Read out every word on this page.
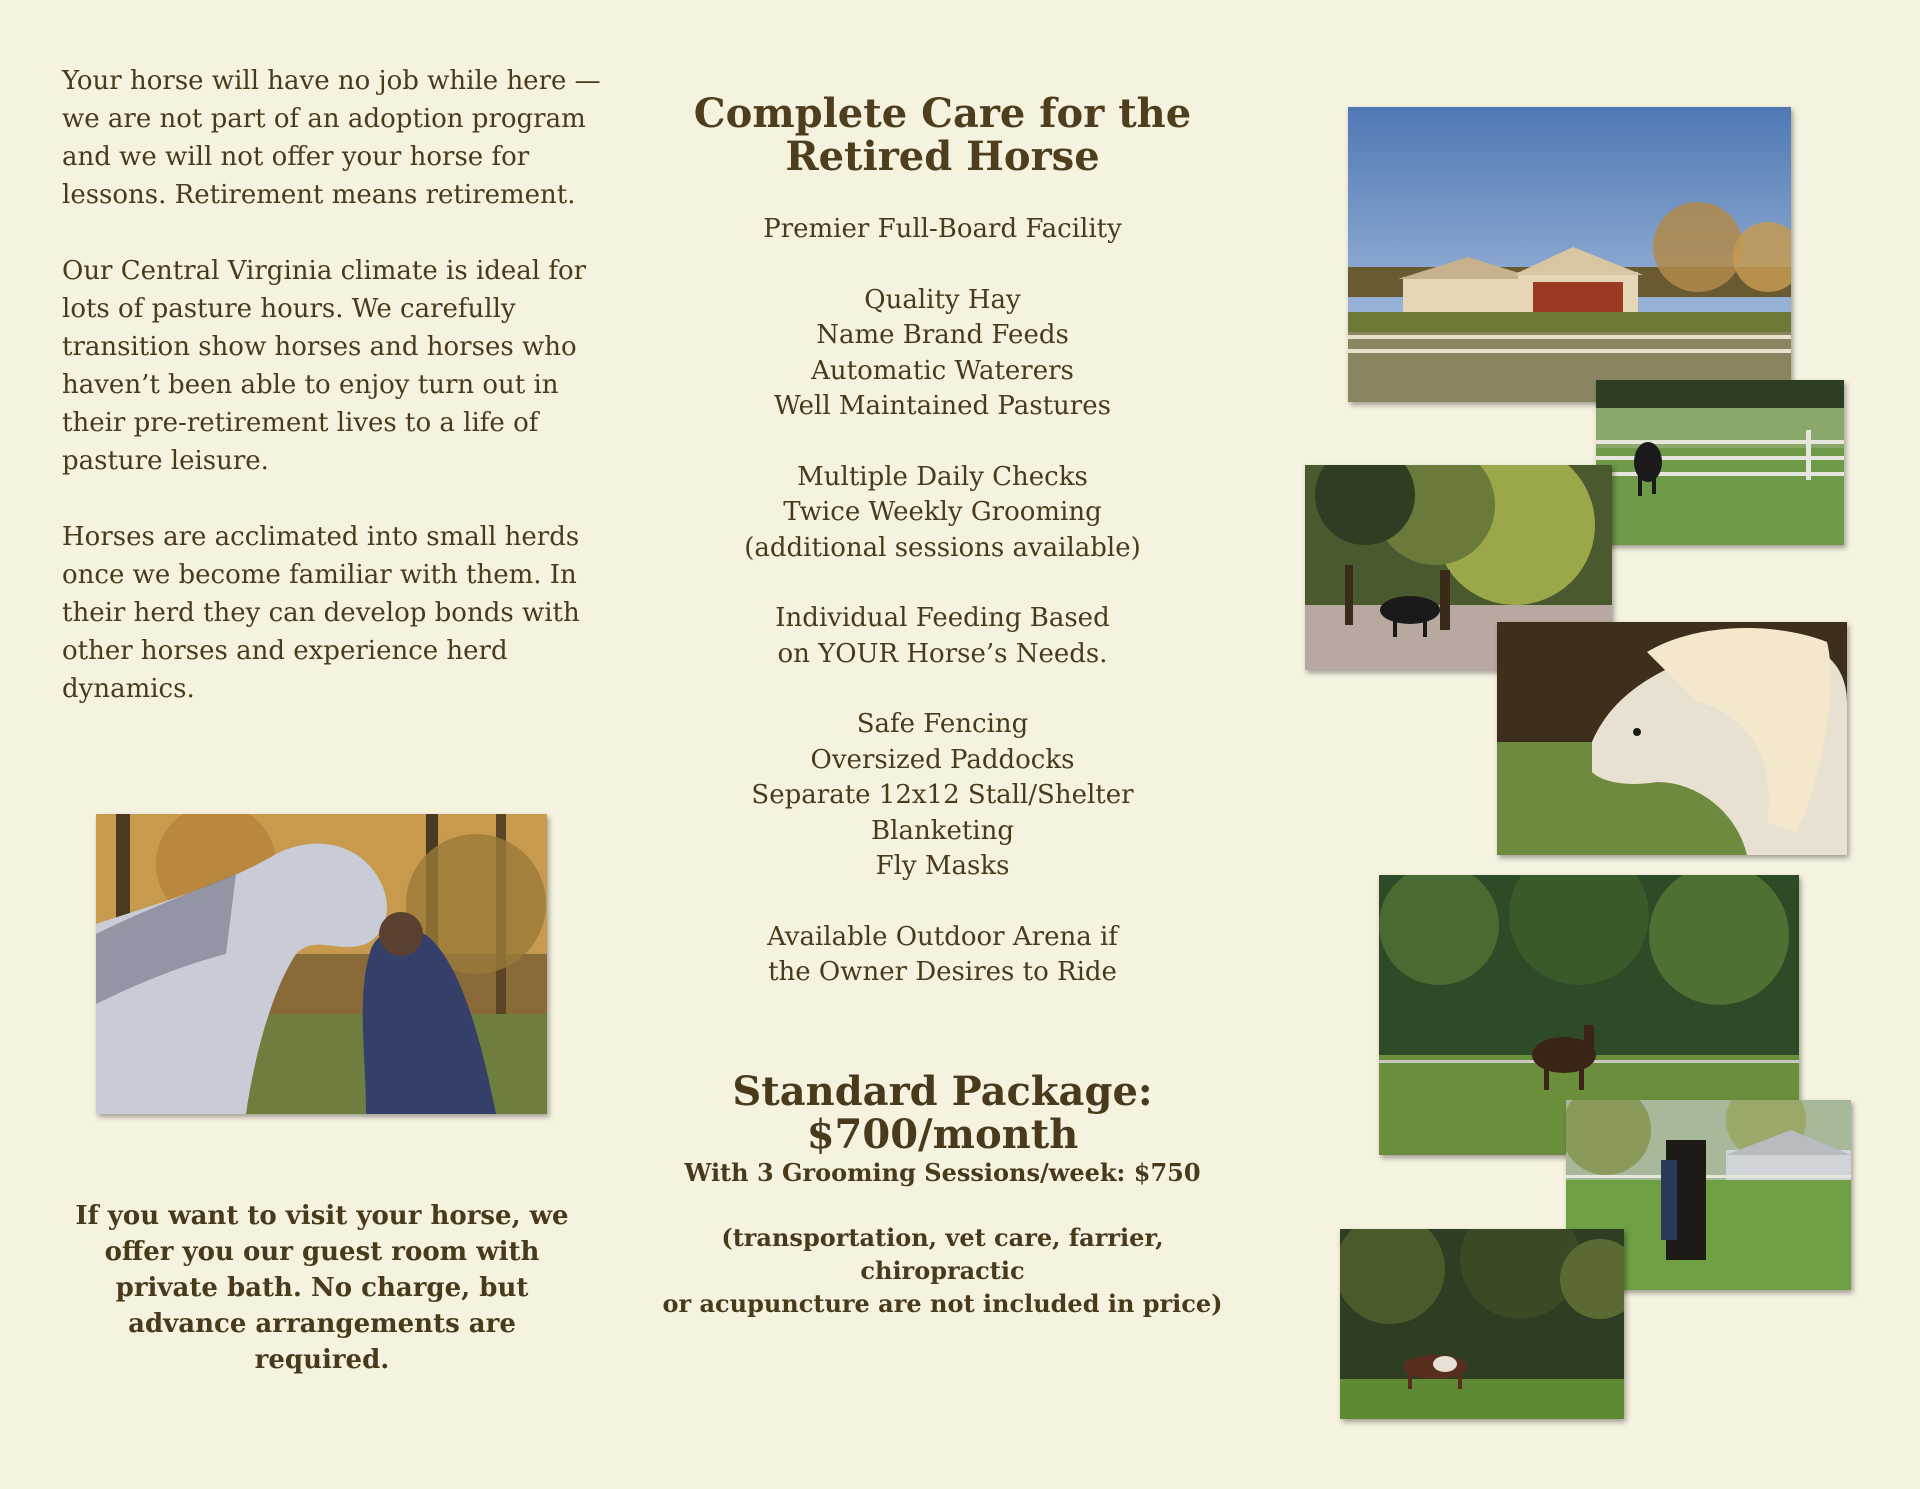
Your horse will have no job while here — we are not part of an adoption program and we will not offer your horse for lessons. Retirement means retirement.

Our Central Virginia climate is ideal for lots of pasture hours. We carefully transition show horses and horses who haven’t been able to enjoy turn out in their pre-retirement lives to a life of pasture leisure.

Horses are acclimated into small herds once we become familiar with them. In their herd they can develop bonds with other horses and experience herd dynamics.

If you want to visit your horse, we offer you our guest room with private bath. No charge, but advance arrangements are required.
Complete Care for the
Retired Horse
Premier Full-Board Facility
Quality Hay
Name Brand Feeds
Automatic Waterers
Well Maintained Pastures
Multiple Daily Checks
Twice Weekly Grooming
(additional sessions available)
Individual Feeding Based
on YOUR Horse’s Needs.
Safe Fencing
Oversized Paddocks
Separate 12x12 Stall/Shelter
Blanketing
Fly Masks
Available Outdoor Arena if
the Owner Desires to Ride
Standard Package:
$700/month
With 3 Grooming Sessions/week: $750
(transportation, vet care, farrier, chiropractic
or acupuncture are not included in price)
